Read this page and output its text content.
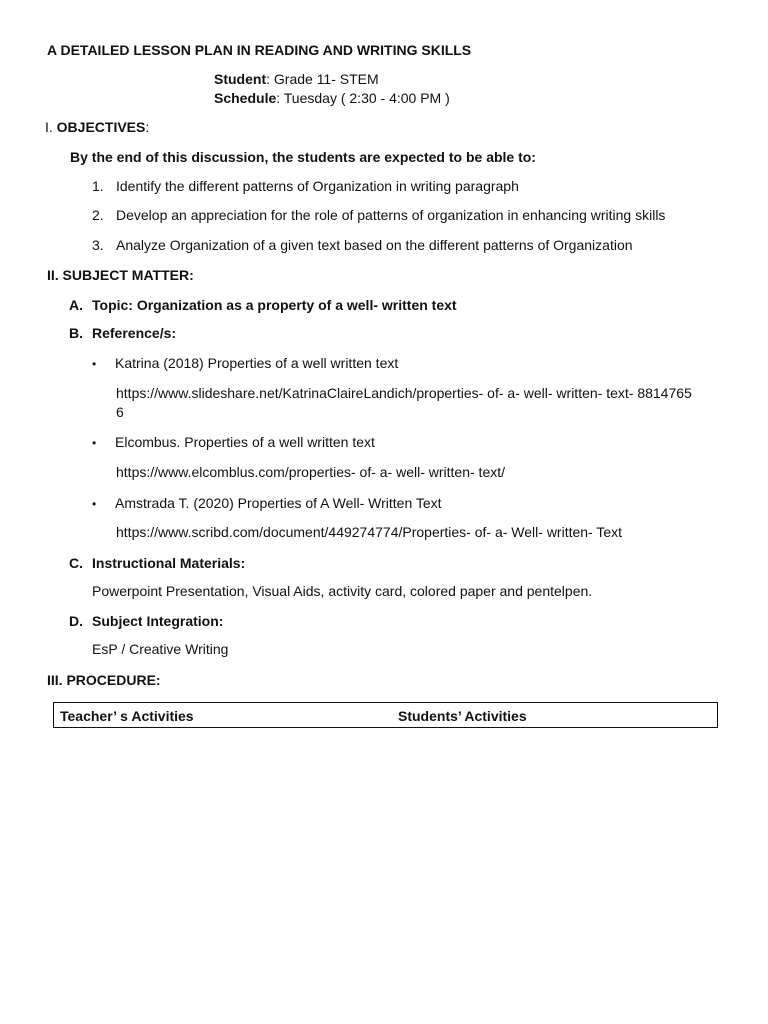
A DETAILED LESSON PLAN IN READING AND WRITING SKILLS
Student: Grade 11- STEM
Schedule: Tuesday ( 2:30 - 4:00 PM )
I. OBJECTIVES:
By the end of this discussion, the students are expected to be able to:
1. Identify the different patterns of Organization in writing paragraph
2. Develop an appreciation for the role of patterns of organization in enhancing writing skills
3. Analyze Organization of a given text based on the different patterns of Organization
II. SUBJECT MATTER:
A. Topic: Organization as a property of a well- written text
B. Reference/s:
• Katrina (2018) Properties of a well written text
https://www.slideshare.net/KatrinaClaireLandich/properties- of- a- well- written- text- 88147656
• Elcombus. Properties of a well written text
https://www.elcomblus.com/properties- of- a- well- written- text/
• Amstrada T. (2020) Properties of A Well- Written Text
https://www.scribd.com/document/449274774/Properties- of- a- Well- written- Text
C. Instructional Materials:
Powerpoint Presentation, Visual Aids, activity card, colored paper and pentelpen.
D. Subject Integration:
EsP / Creative Writing
III. PROCEDURE:
Teacher’ s Activities	Students’ Activities
